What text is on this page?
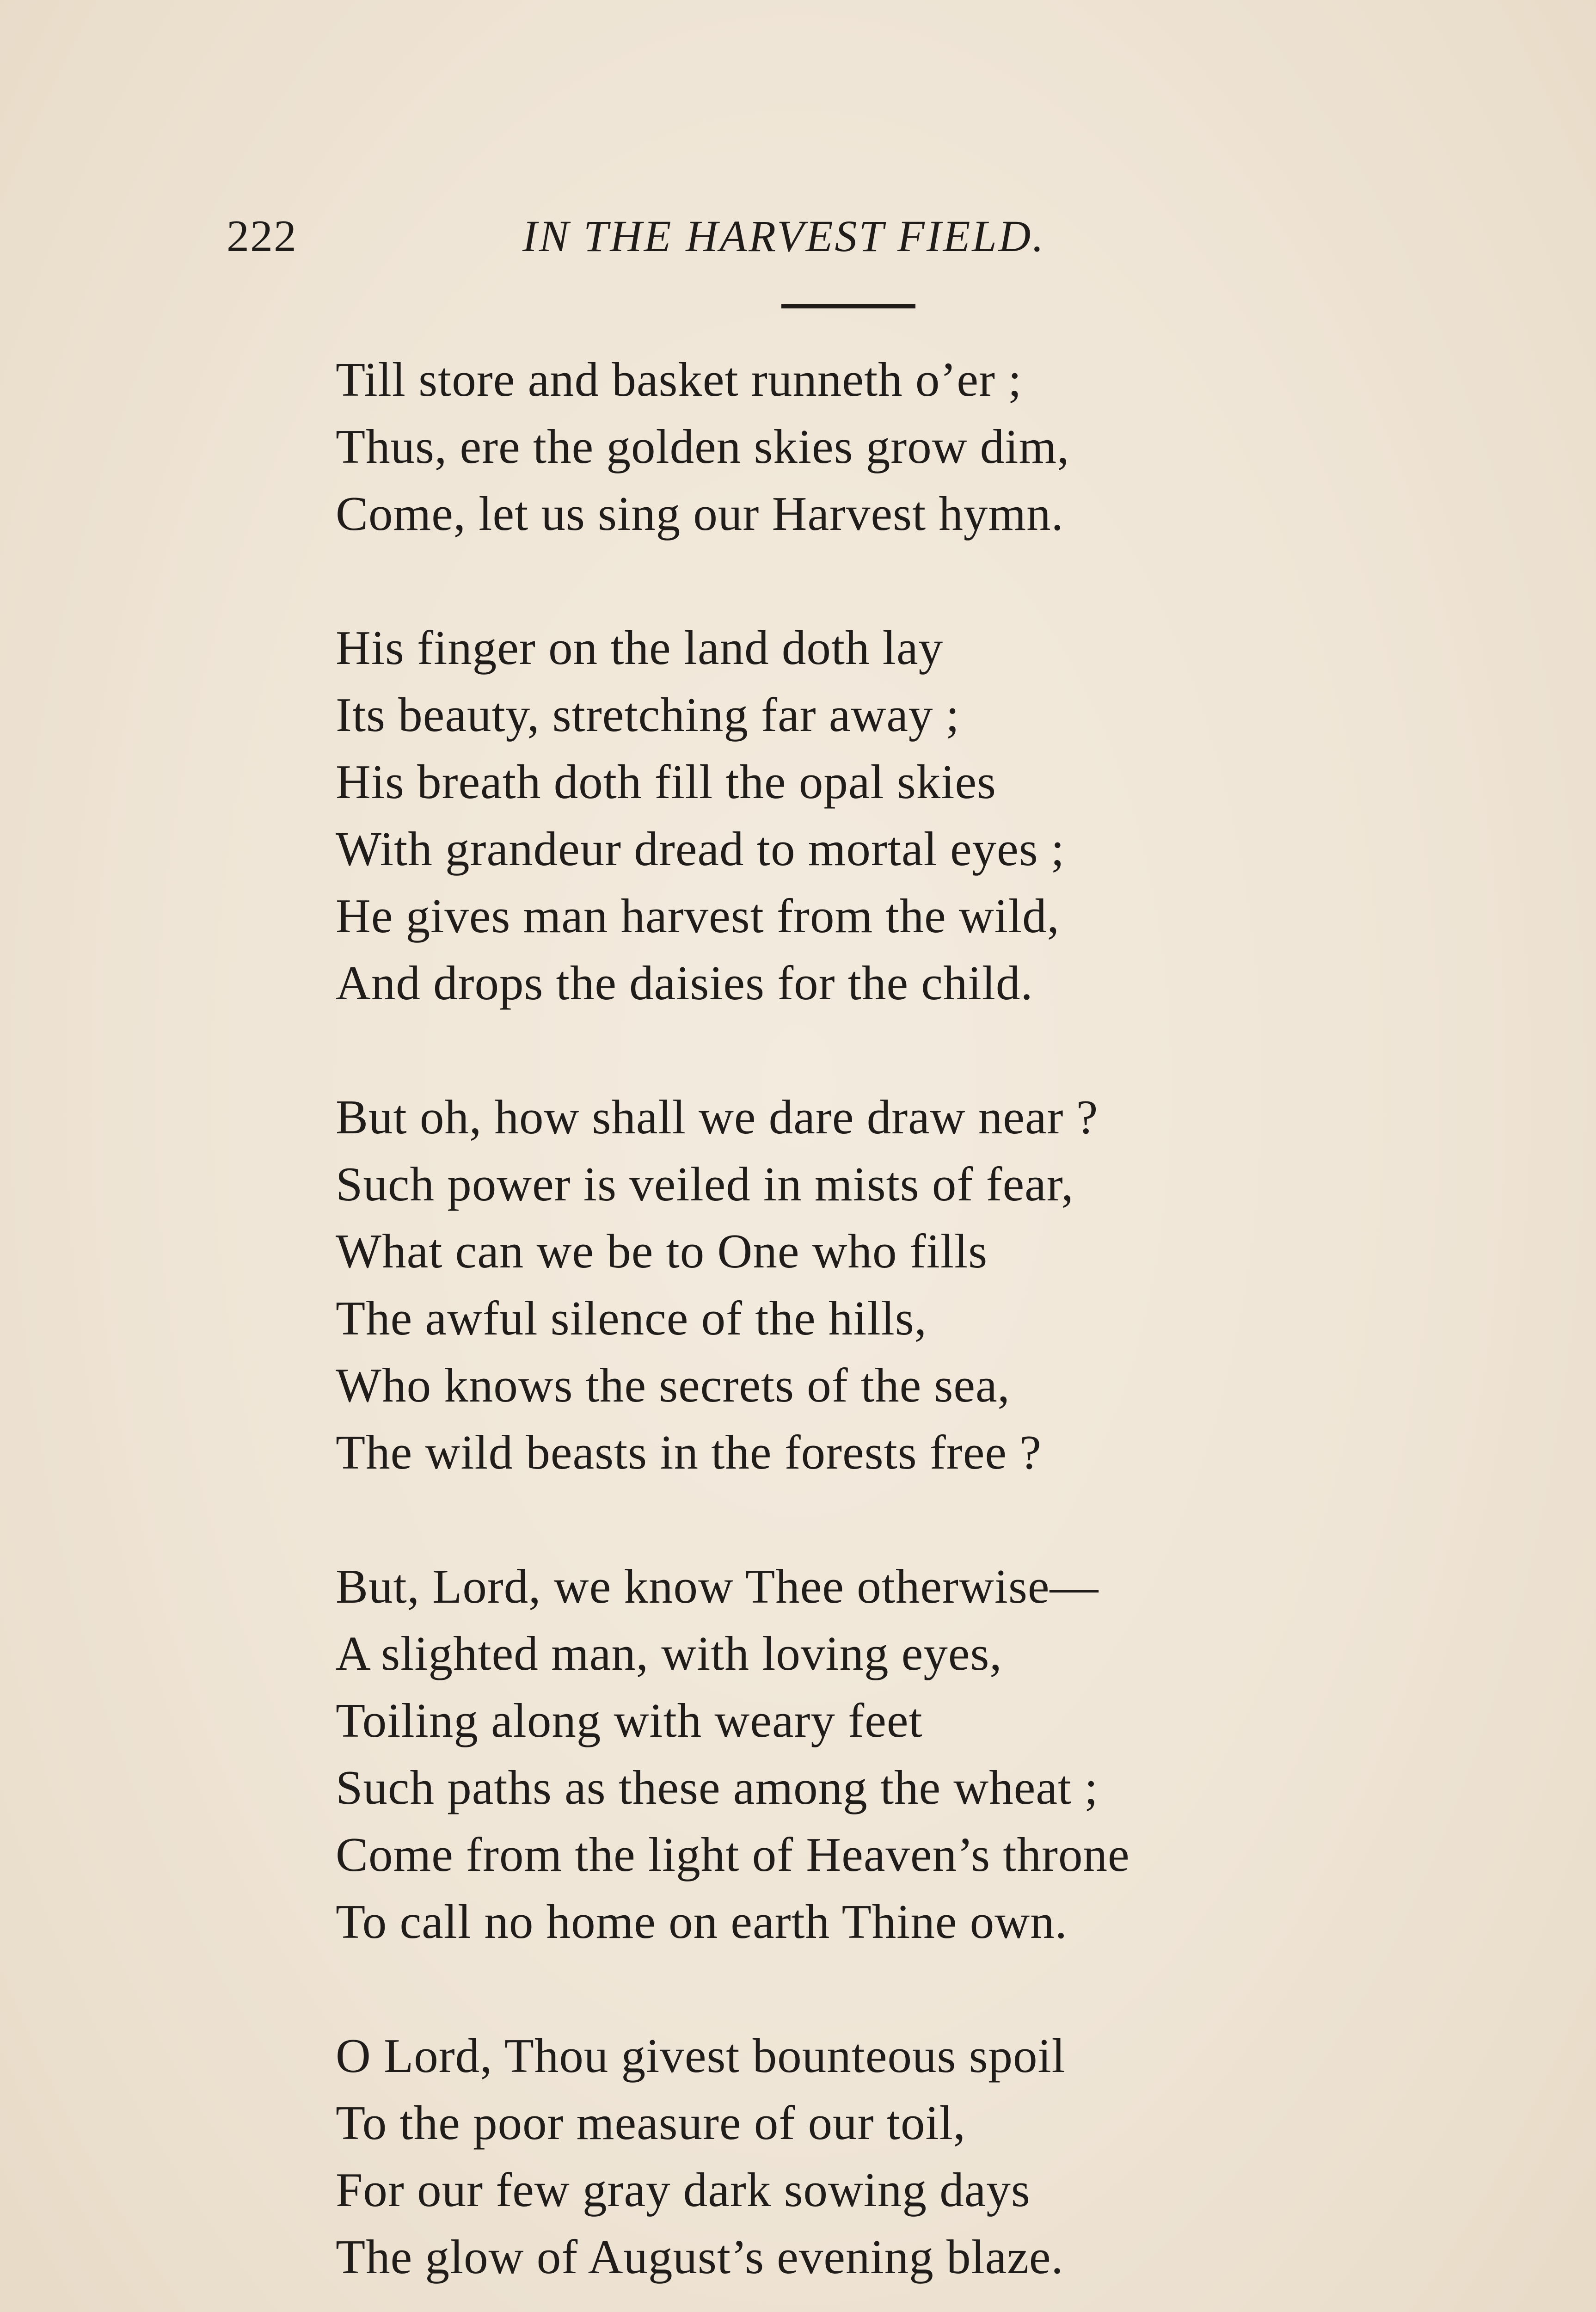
222	IN THE HARVEST FIELD.
Till store and basket runneth o’er ;
Thus, ere the golden skies grow dim,
Come, let us sing our Harvest hymn.
His finger on the land doth lay
Its beauty, stretching far away ;
His breath doth fill the opal skies
With grandeur dread to mortal eyes ;
He gives man harvest from the wild,
And drops the daisies for the child.
But oh, how shall we dare draw near ?
Such power is veiled in mists of fear,
What can we be to One who fills
The awful silence of the hills,
Who knows the secrets of the sea,
The wild beasts in the forests free ?
But, Lord, we know Thee otherwise—
A slighted man, with loving eyes,
Toiling along with weary feet
Such paths as these among the wheat ;
Come from the light of Heaven’s throne
To call no home on earth Thine own.
O Lord, Thou givest bounteous spoil
To the poor measure of our toil,
For our few gray dark sowing days
The glow of August’s evening blaze.
